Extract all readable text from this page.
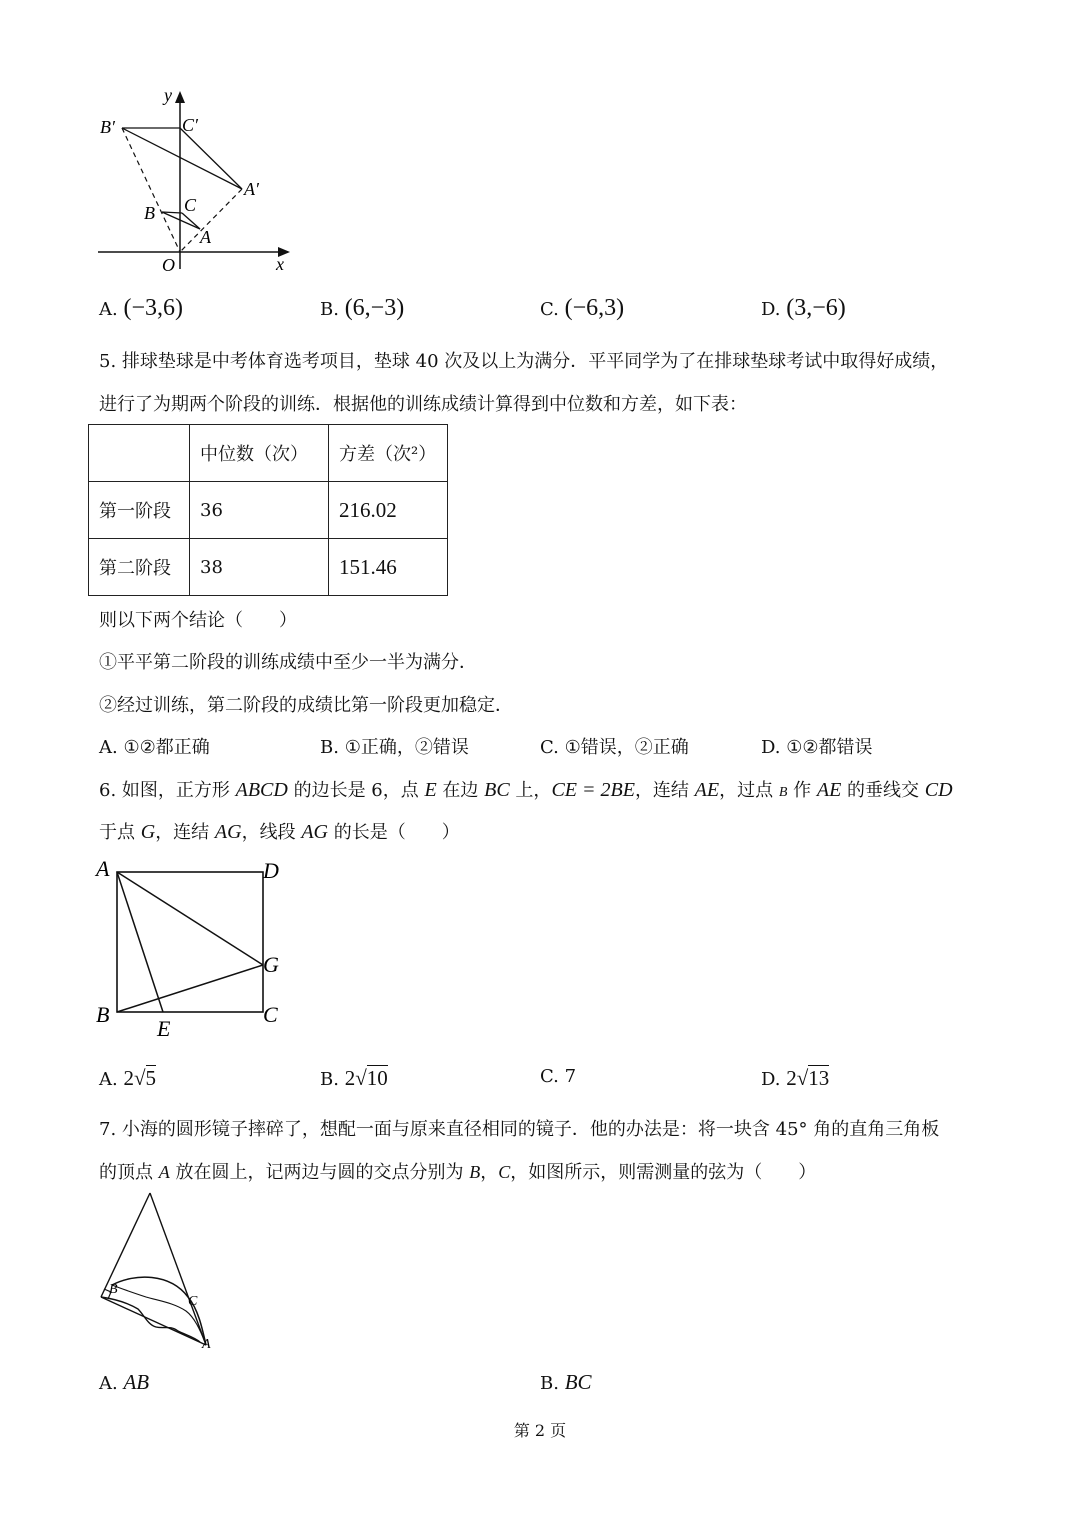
y
x
O
B′	C′
A′
B C
A
A. (−3,6)	B. (6,−3)	C. (−6,3)	D. (3,−6)
5. 排球垫球是中考体育选考项目，垫球 40 次及以上为满分．平平同学为了在排球垫球考试中取得好成绩，
进行了为期两个阶段的训练．根据他的训练成绩计算得到中位数和方差，如下表：
	中位数（次）	方差（次²）
第一阶段	36	216.02
第二阶段	38	151.46
则以下两个结论（　　）
①平平第二阶段的训练成绩中至少一半为满分．
②经过训练，第二阶段的成绩比第一阶段更加稳定．
A. ①②都正确	B. ①正确，②错误	C. ①错误，②正确	D. ①②都错误
6. 如图，正方形 ABCD 的边长是 6，点 E 在边 BC 上，CE = 2BE，连结 AE，过点 B 作 AE 的垂线交 CD
于点 G，连结 AG，线段 AG 的长是（　　）
A	D
G
B
E
C
A. 2√5	B. 2√10	C. 7	D. 2√13
7. 小海的圆形镜子摔碎了，想配一面与原来直径相同的镜子．他的办法是：将一块含 45° 角的直角三角板
的顶点 A 放在圆上，记两边与圆的交点分别为 B，C，如图所示，则需测量的弦为（　　）
B
C
A
A. AB	B. BC
第 2 页
